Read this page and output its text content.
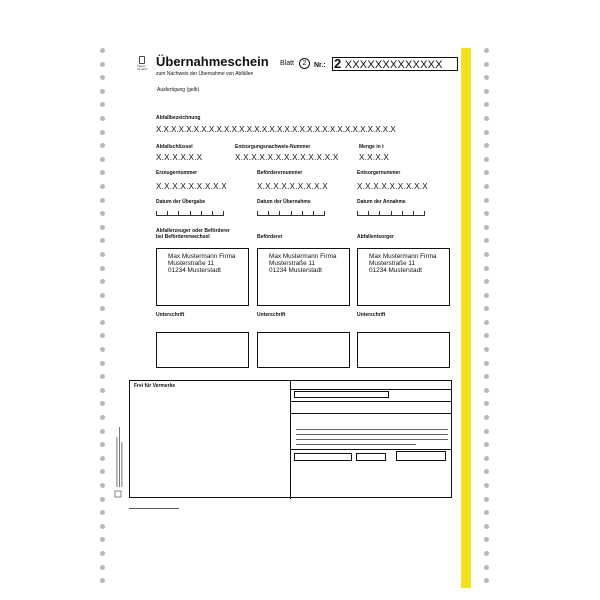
Papier
für EDV
Übernahmeschein
zum Nachweis der Übernahme von Abfällen
Blatt	2	Nr.: 2 XXXXXXXXXXXXX
Ausfertigung (gelb)
Abfallbezeichnung
X.X.X.X.X.X.X.X.X.X.X.X.X.X.X.X.X.X.X.X.X.X.X.X.X.X.X.X.X.X.X.X
Abfallschlüssel
X.X.X.X.X.X
Entsorgungsnachweis-Nummer
X.X.X.X.X.X.X.X.X.X.X.X.X
Menge in t
X.X.X.X
Erzeugernummer
X.X.X.X.X.X.X.X.X
Beförderernummer
X.X.X.X.X.X.X.X.X
Entsorgernummer
X.X.X.X.X.X.X.X.X
Datum der Übergabe	Datum der Übernahme	Datum der Annahme
Abfallerzeuger oder Beförderer
bei Befördererwechsel	Beförderer	Abfallentsorger
Max Mustermann Firma
Musterstraße 11
01234 Musterstadt
Max Mustermann Firma
Musterstraße 11
01234 Musterstadt
Max Mustermann Firma
Musterstraße 11
01234 Musterstadt
Unterschrift	Unterschrift	Unterschrift
Frei für Vermerke
